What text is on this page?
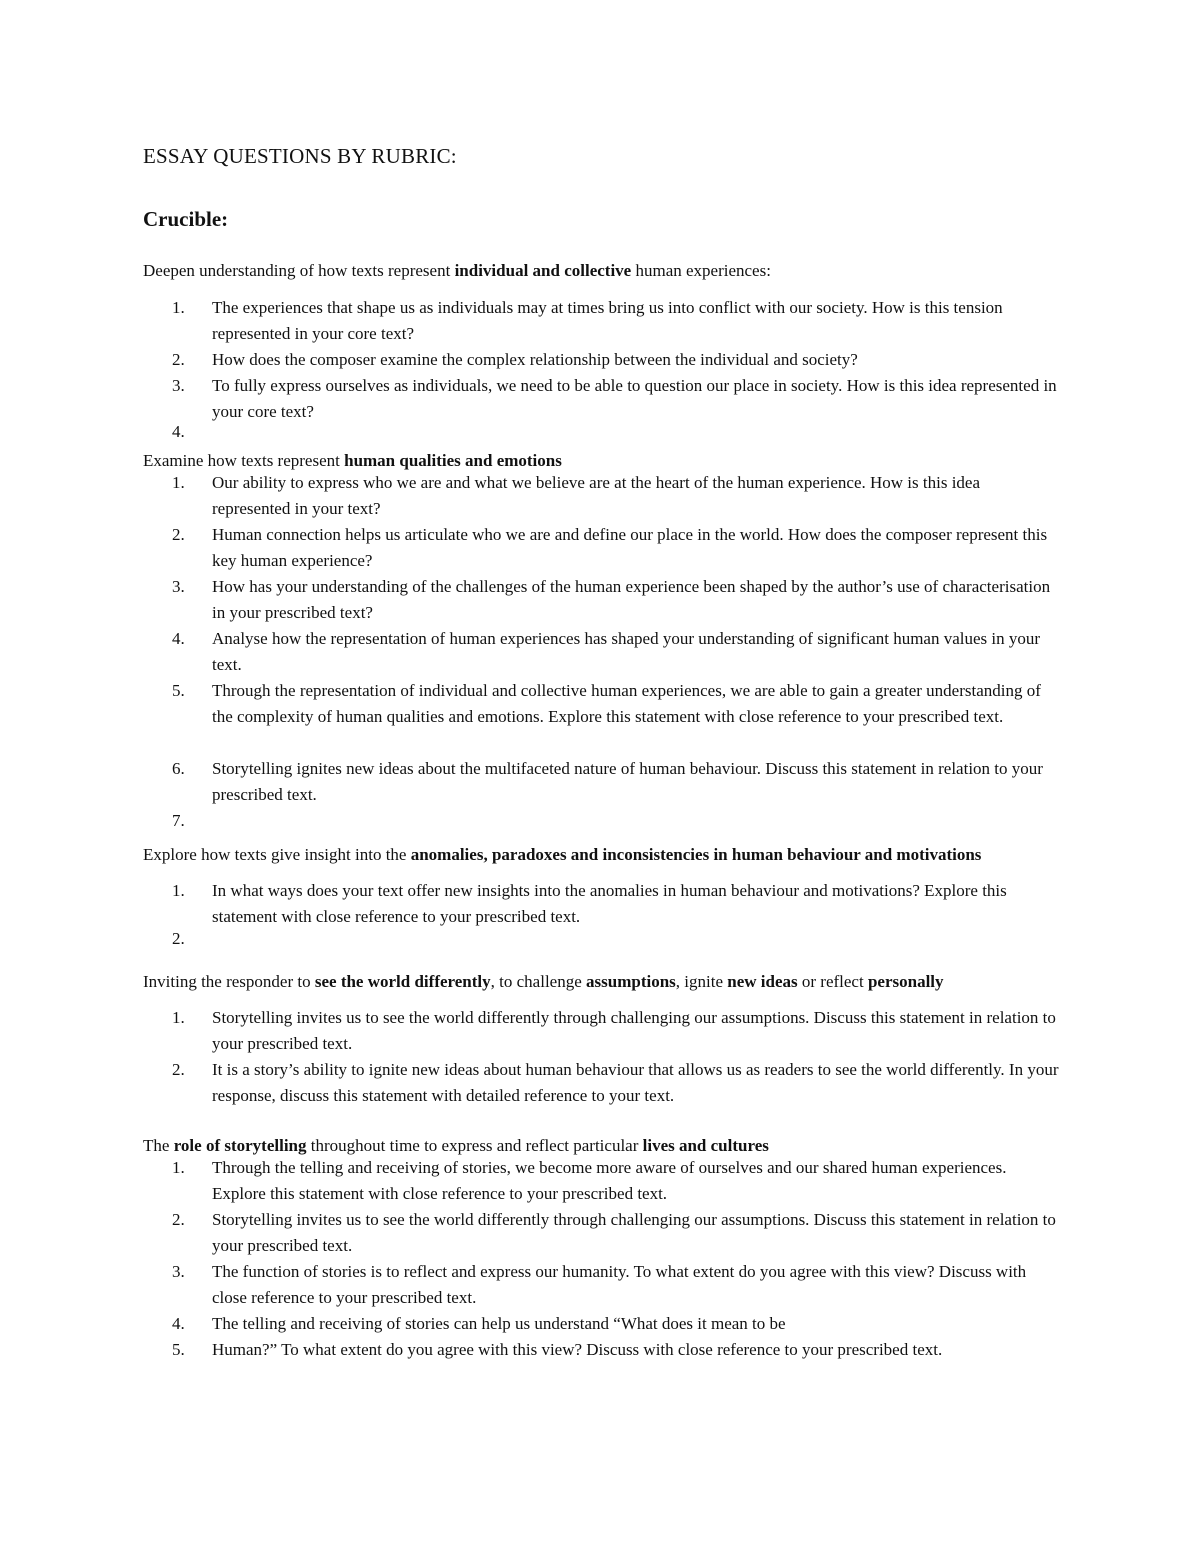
ESSAY QUESTIONS BY RUBRIC:
Crucible:
Deepen understanding of how texts represent individual and collective human experiences:
1.	The experiences that shape us as individuals may at times bring us into conflict with our society. How is this tension represented in your core text?
2.	How does the composer examine the complex relationship between the individual and society?
3.	To fully express ourselves as individuals, we need to be able to question our place in society. How is this idea represented in your core text?
4.
Examine how texts represent human qualities and emotions
1.	Our ability to express who we are and what we believe are at the heart of the human experience. How is this idea represented in your text?
2.	Human connection helps us articulate who we are and define our place in the world. How does the composer represent this key human experience?
3.	How has your understanding of the challenges of the human experience been shaped by the author’s use of characterisation in your prescribed text?
4.	Analyse how the representation of human experiences has shaped your understanding of significant human values in your text.
5.	Through the representation of individual and collective human experiences, we are able to gain a greater understanding of the complexity of human qualities and emotions. Explore this statement with close reference to your prescribed text.
6.	Storytelling ignites new ideas about the multifaceted nature of human behaviour. Discuss this statement in relation to your prescribed text.
7.
Explore how texts give insight into the anomalies, paradoxes and inconsistencies in human behaviour and motivations
1.	In what ways does your text offer new insights into the anomalies in human behaviour and motivations? Explore this statement with close reference to your prescribed text.
2.
Inviting the responder to see the world differently, to challenge assumptions, ignite new ideas or reflect personally
1.	Storytelling invites us to see the world differently through challenging our assumptions. Discuss this statement in relation to your prescribed text.
2.	It is a story’s ability to ignite new ideas about human behaviour that allows us as readers to see the world differently. In your response, discuss this statement with detailed reference to your text.
The role of storytelling throughout time to express and reflect particular lives and cultures
1.	Through the telling and receiving of stories, we become more aware of ourselves and our shared human experiences. Explore this statement with close reference to your prescribed text.
2.	Storytelling invites us to see the world differently through challenging our assumptions. Discuss this statement in relation to your prescribed text.
3.	The function of stories is to reflect and express our humanity. To what extent do you agree with this view? Discuss with close reference to your prescribed text.
4.	The telling and receiving of stories can help us understand “What does it mean to be
5.	Human?” To what extent do you agree with this view? Discuss with close reference to your prescribed text.
